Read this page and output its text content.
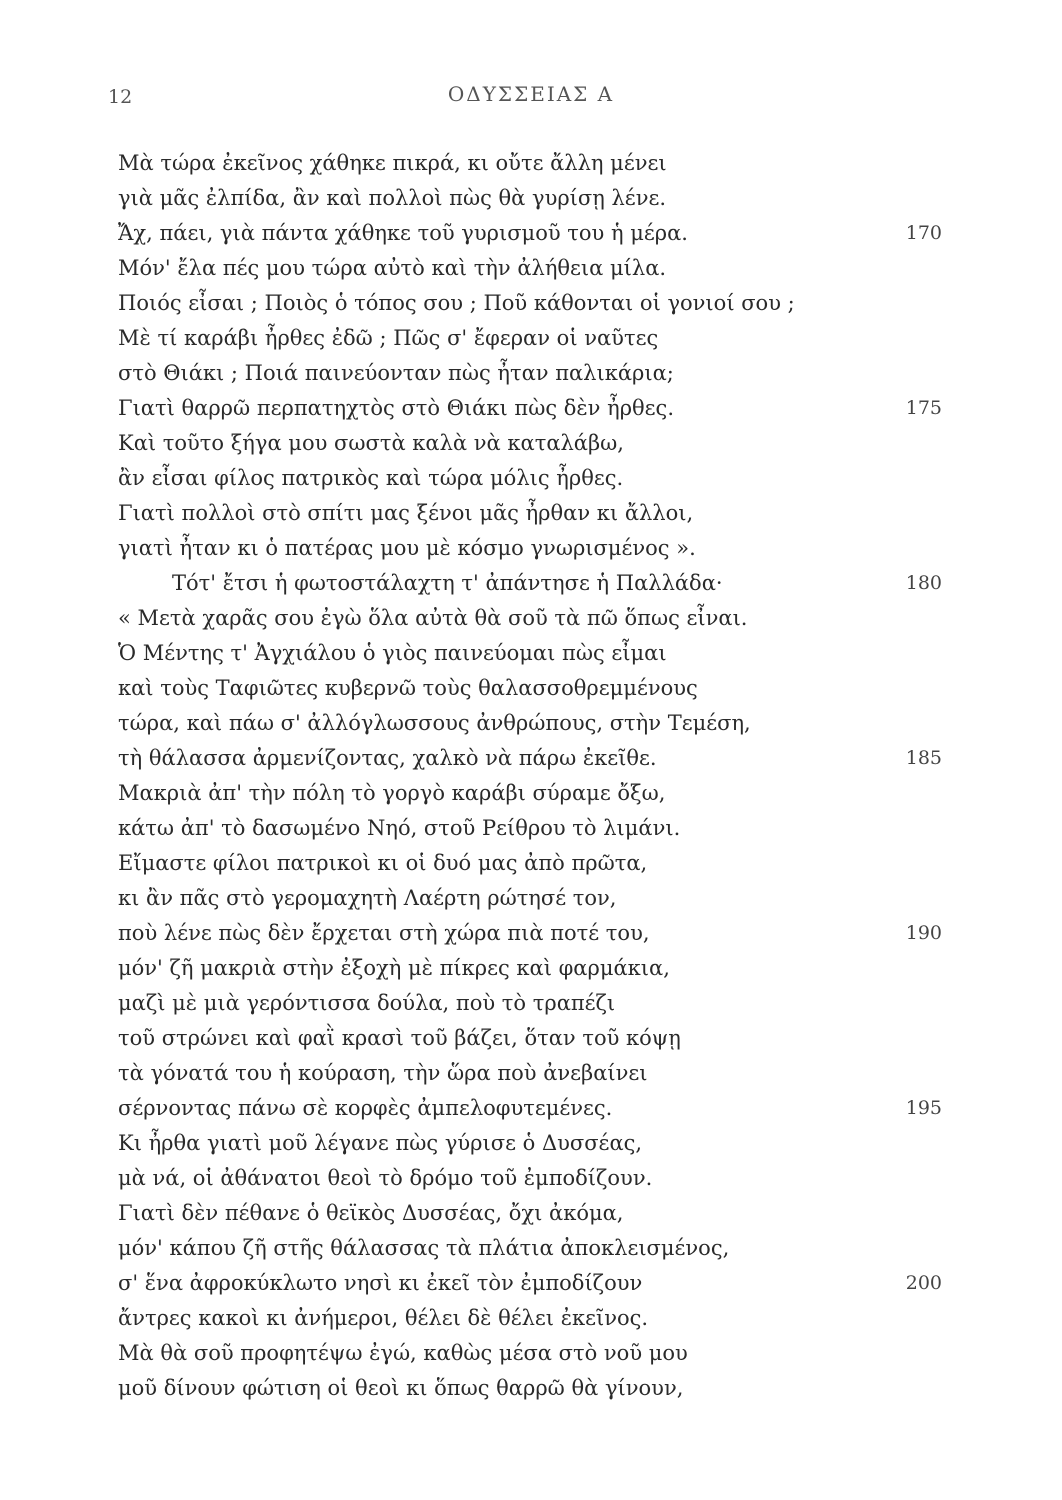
12	ΟΔΥΣΣΕΙΑΣ Α
Μὰ τώρα ἐκεῖνος χάθηκε πικρά, κι οὔτε ἄλλη μένει
γιὰ μᾶς ἐλπίδα, ἂν καὶ πολλοὶ πὼς θὰ γυρίσῃ λένε.
Ἄχ, πάει, γιὰ πάντα χάθηκε τοῦ γυρισμοῦ του ἡ μέρα.	170
Μόν' ἔλα πές μου τώρα αὐτὸ καὶ τὴν ἀλήθεια μίλα.
Ποιός εἶσαι ; Ποιὸς ὁ τόπος σου ; Ποῦ κάθονται οἱ γονιοί σου ;
Μὲ τί καράβι ἦρθες ἐδῶ ; Πῶς σ' ἔφεραν οἱ ναῦτες
στὸ Θιάκι ; Ποιά παινεύονταν πὼς ἦταν παλικάρια;
Γιατὶ θαρρῶ περπατηχτὸς στὸ Θιάκι πὼς δὲν ἦρθες.	175
Καὶ τοῦτο ξήγα μου σωστὰ καλὰ νὰ καταλάβω,
ἂν εἶσαι φίλος πατρικὸς καὶ τώρα μόλις ἦρθες.
Γιατὶ πολλοὶ στὸ σπίτι μας ξένοι μᾶς ἦρθαν κι ἄλλοι,
γιατὶ ἦταν κι ὁ πατέρας μου μὲ κόσμο γνωρισμένος ».
Τότ' ἔτσι ἡ φωτοστάλαχτη τ' ἀπάντησε ἡ Παλλάδα·	180
« Μετὰ χαρᾶς σου ἐγὼ ὅλα αὐτὰ θὰ σοῦ τὰ πῶ ὅπως εἶναι.
Ὁ Μέντης τ' Ἀγχιάλου ὁ γιὸς παινεύομαι πὼς εἶμαι
καὶ τοὺς Ταφιῶτες κυβερνῶ τοὺς θαλασσοθρεμμένους
τώρα, καὶ πάω σ' ἀλλόγλωσσους ἀνθρώπους, στὴν Τεμέση,
τὴ θάλασσα ἀρμενίζοντας, χαλκὸ νὰ πάρω ἐκεῖθε.	185
Μακριὰ ἀπ' τὴν πόλη τὸ γοργὸ καράβι σύραμε ὄξω,
κάτω ἀπ' τὸ δασωμένο Νηό, στοῦ Ρείθρου τὸ λιμάνι.
Εἴμαστε φίλοι πατρικοὶ κι οἱ δυό μας ἀπὸ πρῶτα,
κι ἂν πᾶς στὸ γερομαχητὴ Λαέρτη ρώτησέ τον,
ποὺ λένε πὼς δὲν ἔρχεται στὴ χώρα πιὰ ποτέ του,	190
μόν' ζῆ μακριὰ στὴν ἐξοχὴ μὲ πίκρες καὶ φαρμάκια,
μαζὶ μὲ μιὰ γερόντισσα δούλα, ποὺ τὸ τραπέζι
τοῦ στρώνει καὶ φαῒ κρασὶ τοῦ βάζει, ὅταν τοῦ κόψῃ
τὰ γόνατά του ἡ κούραση, τὴν ὥρα ποὺ ἀνεβαίνει
σέρνοντας πάνω σὲ κορφὲς ἀμπελοφυτεμένες.	195
Κι ἦρθα γιατὶ μοῦ λέγανε πὼς γύρισε ὁ Δυσσέας,
μὰ νά, οἱ ἀθάνατοι θεοὶ τὸ δρόμο τοῦ ἐμποδίζουν.
Γιατὶ δὲν πέθανε ὁ θεϊκὸς Δυσσέας, ὄχι ἀκόμα,
μόν' κάπου ζῆ στῆς θάλασσας τὰ πλάτια ἀποκλεισμένος,
σ' ἕνα ἀφροκύκλωτο νησὶ κι ἐκεῖ τὸν ἐμποδίζουν	200
ἄντρες κακοὶ κι ἀνήμεροι, θέλει δὲ θέλει ἐκεῖνος.
Μὰ θὰ σοῦ προφητέψω ἐγώ, καθὼς μέσα στὸ νοῦ μου
μοῦ δίνουν φώτιση οἱ θεοὶ κι ὅπως θαρρῶ θὰ γίνουν,
